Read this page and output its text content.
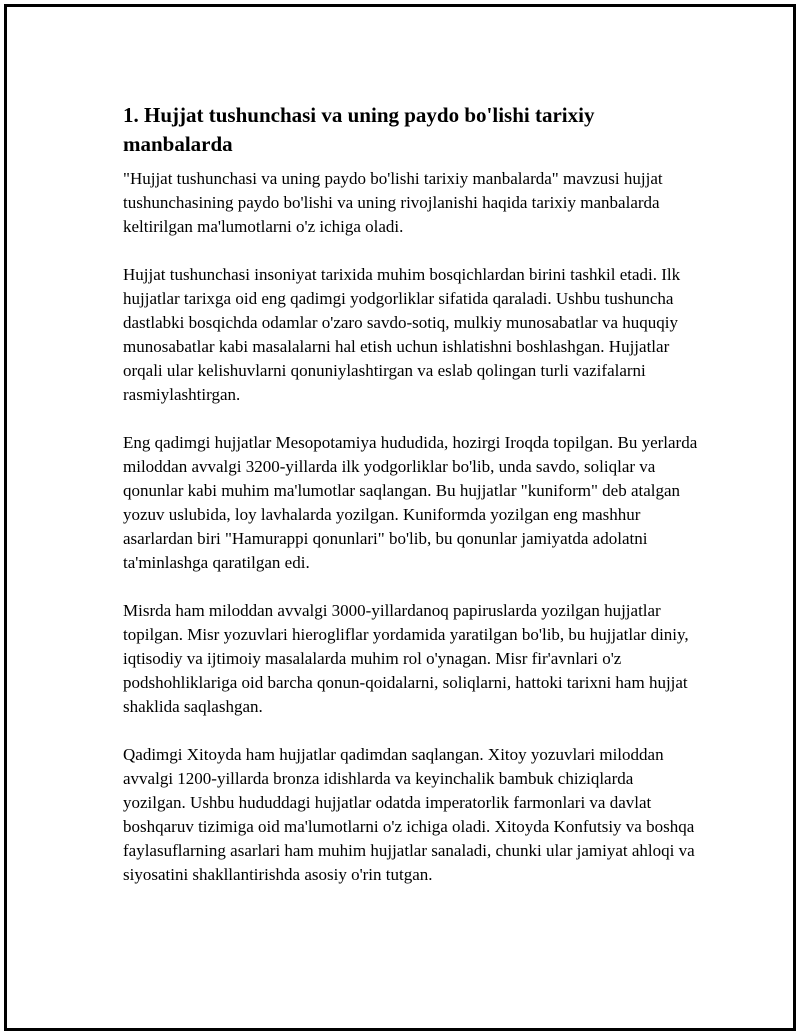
1. Hujjat tushunchasi va uning paydo bo'lishi tarixiy manbalarda

"Hujjat tushunchasi va uning paydo bo'lishi tarixiy manbalarda" mavzusi hujjat tushunchasining paydo bo'lishi va uning rivojlanishi haqida tarixiy manbalarda keltirilgan ma'lumotlarni o'z ichiga oladi.

Hujjat tushunchasi insoniyat tarixida muhim bosqichlardan birini tashkil etadi. Ilk hujjatlar tarixga oid eng qadimgi yodgorliklar sifatida qaraladi. Ushbu tushuncha dastlabki bosqichda odamlar o'zaro savdo-sotiq, mulkiy munosabatlar va huquqiy munosabatlar kabi masalalarni hal etish uchun ishlatishni boshlashgan. Hujjatlar orqali ular kelishuvlarni qonuniylashtirgan va eslab qolingan turli vazifalarni rasmiylashtirgan.

Eng qadimgi hujjatlar Mesopotamiya hududida, hozirgi Iroqda topilgan. Bu yerlarda miloddan avvalgi 3200-yillarda ilk yodgorliklar bo'lib, unda savdo, soliqlar va qonunlar kabi muhim ma'lumotlar saqlangan. Bu hujjatlar "kuniform" deb atalgan yozuv uslubida, loy lavhalarda yozilgan. Kuniformda yozilgan eng mashhur asarlardan biri "Hamurappi qonunlari" bo'lib, bu qonunlar jamiyatda adolatni ta'minlashga qaratilgan edi.

Misrda ham miloddan avvalgi 3000-yillardanoq papiruslarda yozilgan hujjatlar topilgan. Misr yozuvlari hierogliflar yordamida yaratilgan bo'lib, bu hujjatlar diniy, iqtisodiy va ijtimoiy masalalarda muhim rol o'ynagan. Misr fir'avnlari o'z podshohliklariga oid barcha qonun-qoidalarni, soliqlarni, hattoki tarixni ham hujjat shaklida saqlashgan.

Qadimgi Xitoyda ham hujjatlar qadimdan saqlangan. Xitoy yozuvlari miloddan avvalgi 1200-yillarda bronza idishlarda va keyinchalik bambuk chiziqlarda yozilgan. Ushbu hududdagi hujjatlar odatda imperatorlik farmonlari va davlat boshqaruv tizimiga oid ma'lumotlarni o'z ichiga oladi. Xitoyda Konfutsiy va boshqa faylasuflarning asarlari ham muhim hujjatlar sanaladi, chunki ular jamiyat ahloqi va siyosatini shakllantirishda asosiy o'rin tutgan.
